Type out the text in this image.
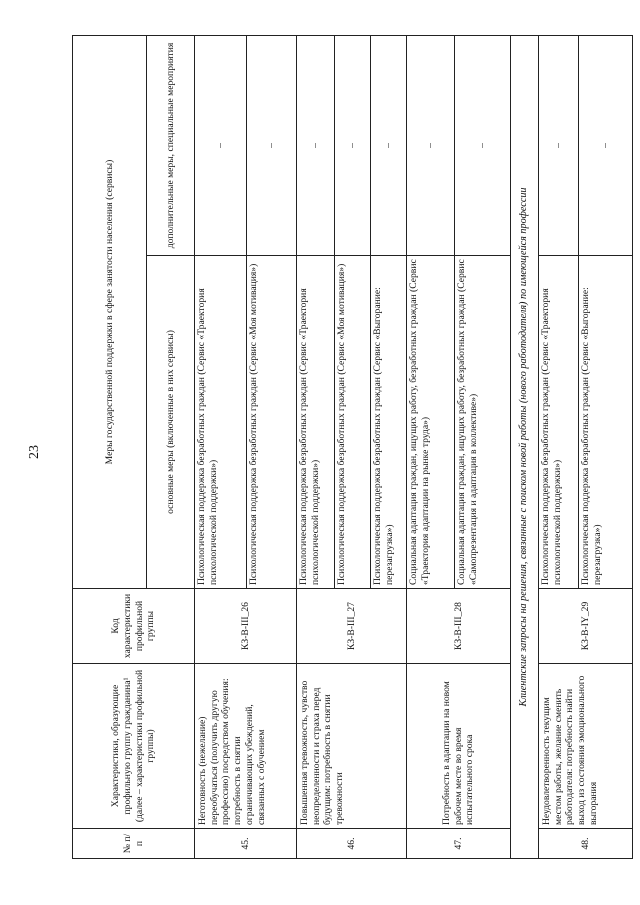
23
№ п/п	Характеристики, образующие профильную группу гражданина¹ (далее – характеристики профильной группы)	Код характеристики профильной группы	Меры государственной поддержки в сфере занятости населения (сервисы)	
			основные меры (включенные в них сервисы)	дополнительные меры, специальные мероприятия
45.	Неготовность (нежелание) переобучаться (получить другую профессию) посредством обучения: потребность в снятии ограничивающих убеждений, связанных с обучением	КЗ-В-III_26	Психологическая поддержка безработных граждан (Сервис «Траектория психологической поддержки»)	–
			Психологическая поддержка безработных граждан (Сервис «Моя мотивация»)	–
46.	Повышенная тревожность, чувство неопределенности и страха перед будущим: потребность в снятии тревожности	КЗ-В-III_27	Психологическая поддержка безработных граждан (Сервис «Траектория психологической поддержки»)	–
			Психологическая поддержка безработных граждан (Сервис «Моя мотивация»)	–
			Психологическая поддержка безработных граждан (Сервис «Выгорание: перезагрузка»)	–
47.	Потребность в адаптации на новом рабочем месте во время испытательного срока	КЗ-В-III_28	Социальная адаптация граждан, ищущих работу, безработных граждан (Сервис «Траектория адаптации на рынке труда»)	–
			Социальная адаптация граждан, ищущих работу, безработных граждан (Сервис «Самопрезентация и адаптация в коллективе»)	–
Клиентские запросы на решения, связанные с поиском новой работы (нового работодателя) по имеющейся профессии				
48.	Неудовлетворенность текущим местом работы, желание сменить работодателя: потребность найти выход из состояния эмоционального выгорания	КЗ-В-IY_29	Психологическая поддержка безработных граждан (Сервис «Траектория психологической поддержки»)	–
			Психологическая поддержка безработных граждан (Сервис «Выгорание: перезагрузка»)	–
